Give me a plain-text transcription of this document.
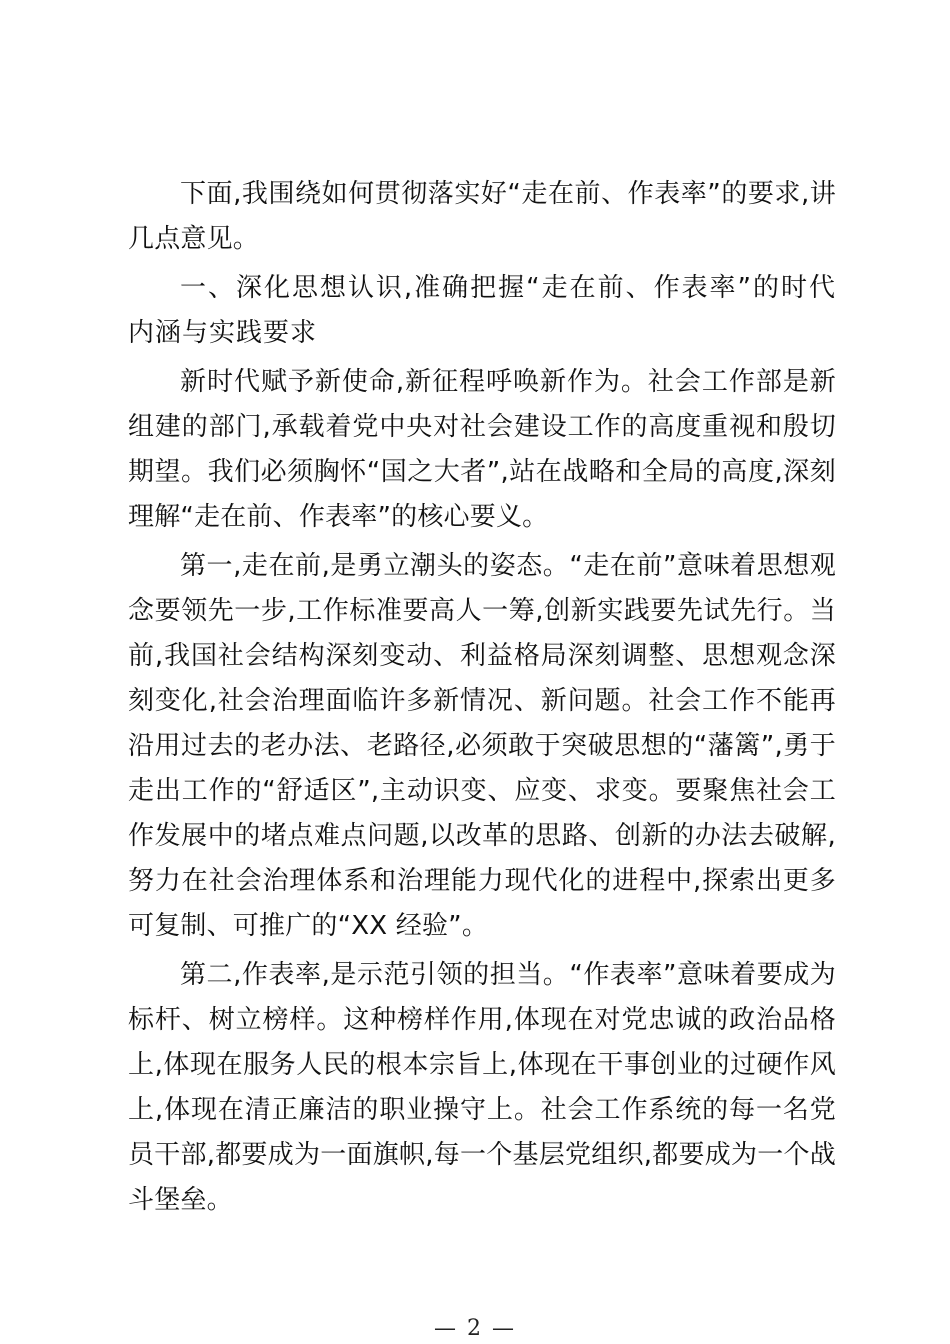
下面,我围绕如何贯彻落实好“走在前、作表率”的要求,讲几点意见。

一、深化思想认识,准确把握“走在前、作表率”的时代内涵与实践要求

新时代赋予新使命,新征程呼唤新作为。社会工作部是新组建的部门,承载着党中央对社会建设工作的高度重视和殷切期望。我们必须胸怀“国之大者”,站在战略和全局的高度,深刻理解“走在前、作表率”的核心要义。

第一,走在前,是勇立潮头的姿态。“走在前”意味着思想观念要领先一步,工作标准要高人一筹,创新实践要先试先行。当前,我国社会结构深刻变动、利益格局深刻调整、思想观念深刻变化,社会治理面临许多新情况、新问题。社会工作不能再沿用过去的老办法、老路径,必须敢于突破思想的“藩篱”,勇于走出工作的“舒适区”,主动识变、应变、求变。要聚焦社会工作发展中的堵点难点问题,以改革的思路、创新的办法去破解,努力在社会治理体系和治理能力现代化的进程中,探索出更多可复制、可推广的“XX 经验”。

第二,作表率,是示范引领的担当。“作表率”意味着要成为标杆、树立榜样。这种榜样作用,体现在对党忠诚的政治品格上,体现在服务人民的根本宗旨上,体现在干事创业的过硬作风上,体现在清正廉洁的职业操守上。社会工作系统的每一名党员干部,都要成为一面旗帜,每一个基层党组织,都要成为一个战斗堡垒。

— 2 —
